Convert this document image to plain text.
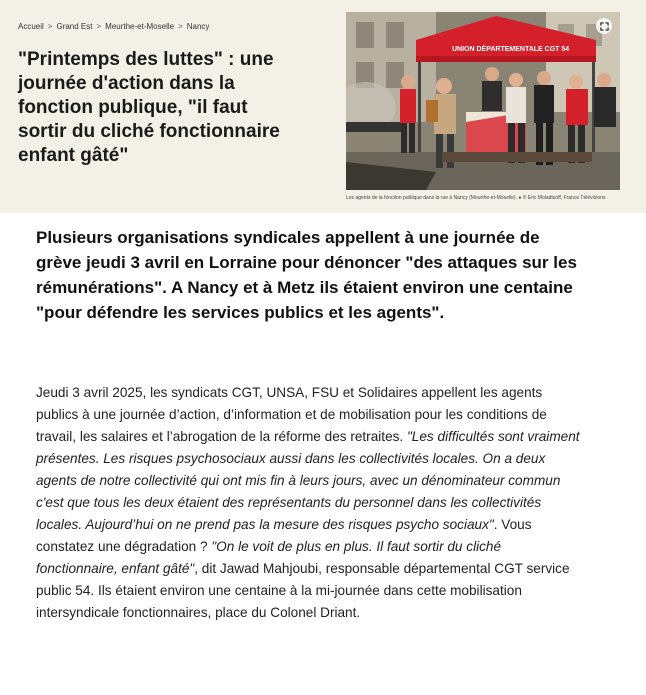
Accueil > Grand Est > Meurthe-et-Moselle > Nancy
"Printemps des luttes" : une journée d'action dans la fonction publique, "il faut sortir du cliché fonctionnaire enfant gâté"
UNION DÉPARTEMENTALE CGT 54
Les agents de la fonction publique dans la rue à Nancy (Meurthe-et-Moselle). ● © Eric Moladtsoff, France Télévisions

Plusieurs organisations syndicales appellent à une journée de grève jeudi 3 avril en Lorraine pour dénoncer "des attaques sur les rémunérations". A Nancy et à Metz ils étaient environ une centaine "pour défendre les services publics et les agents".

Jeudi 3 avril 2025, les syndicats CGT, UNSA, FSU et Solidaires appellent les agents publics à une journée d’action, d’information et de mobilisation pour les conditions de travail, les salaires et l’abrogation de la réforme des retraites. "Les difficultés sont vraiment présentes. Les risques psychosociaux aussi dans les collectivités locales. On a deux agents de notre collectivité qui ont mis fin à leurs jours, avec un dénominateur commun c'est que tous les deux étaient des représentants du personnel dans les collectivités locales. Aujourd’hui on ne prend pas la mesure des risques psycho sociaux". Vous constatez une dégradation ? "On le voit de plus en plus. Il faut sortir du cliché fonctionnaire, enfant gâté", dit Jawad Mahjoubi, responsable départemental CGT service public 54. Ils étaient environ une centaine à la mi-journée dans cette mobilisation intersyndicale fonctionnaires, place du Colonel Driant.
